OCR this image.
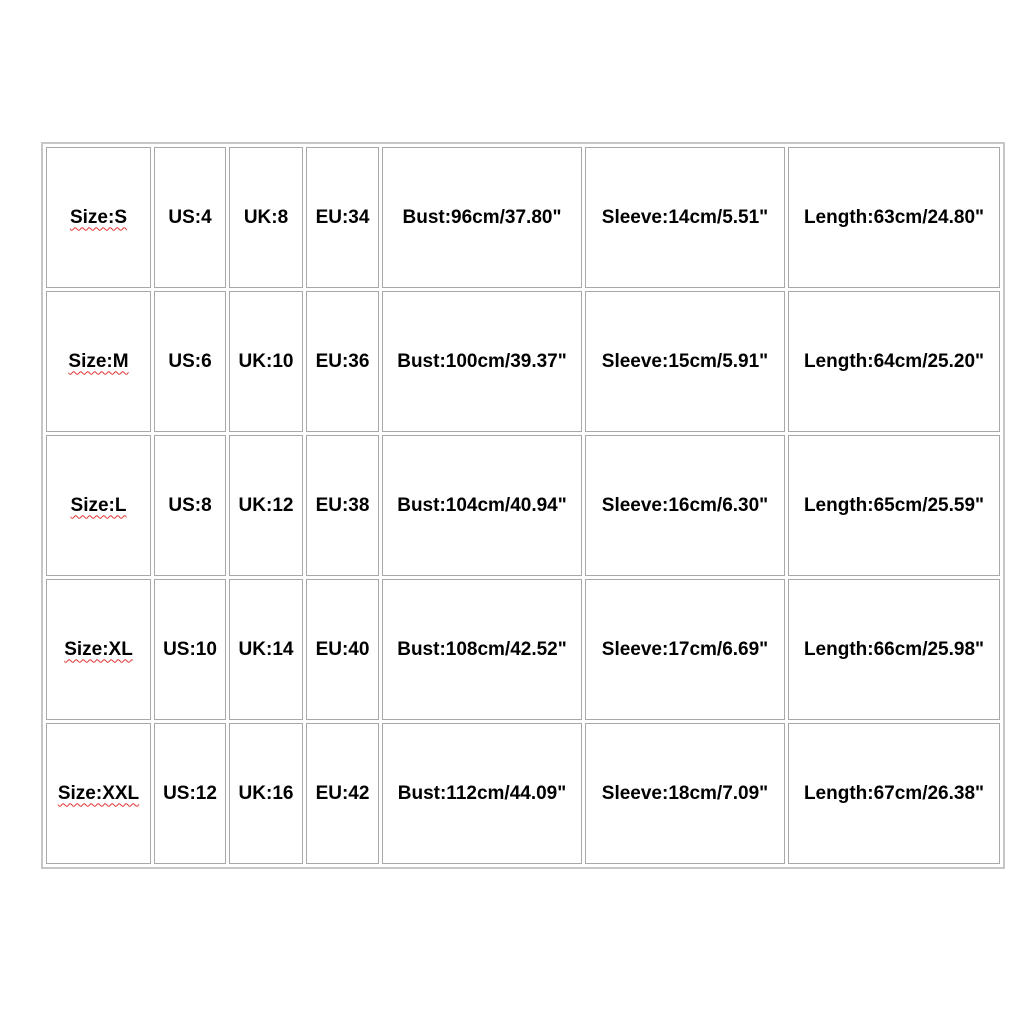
Size:S	US:4	UK:8	EU:34	Bust:96cm/37.80"	Sleeve:14cm/5.51"	Length:63cm/24.80"
Size:M	US:6	UK:10	EU:36	Bust:100cm/39.37"	Sleeve:15cm/5.91"	Length:64cm/25.20"
Size:L	US:8	UK:12	EU:38	Bust:104cm/40.94"	Sleeve:16cm/6.30"	Length:65cm/25.59"
Size:XL	US:10	UK:14	EU:40	Bust:108cm/42.52"	Sleeve:17cm/6.69"	Length:66cm/25.98"
Size:XXL	US:12	UK:16	EU:42	Bust:112cm/44.09"	Sleeve:18cm/7.09"	Length:67cm/26.38"
